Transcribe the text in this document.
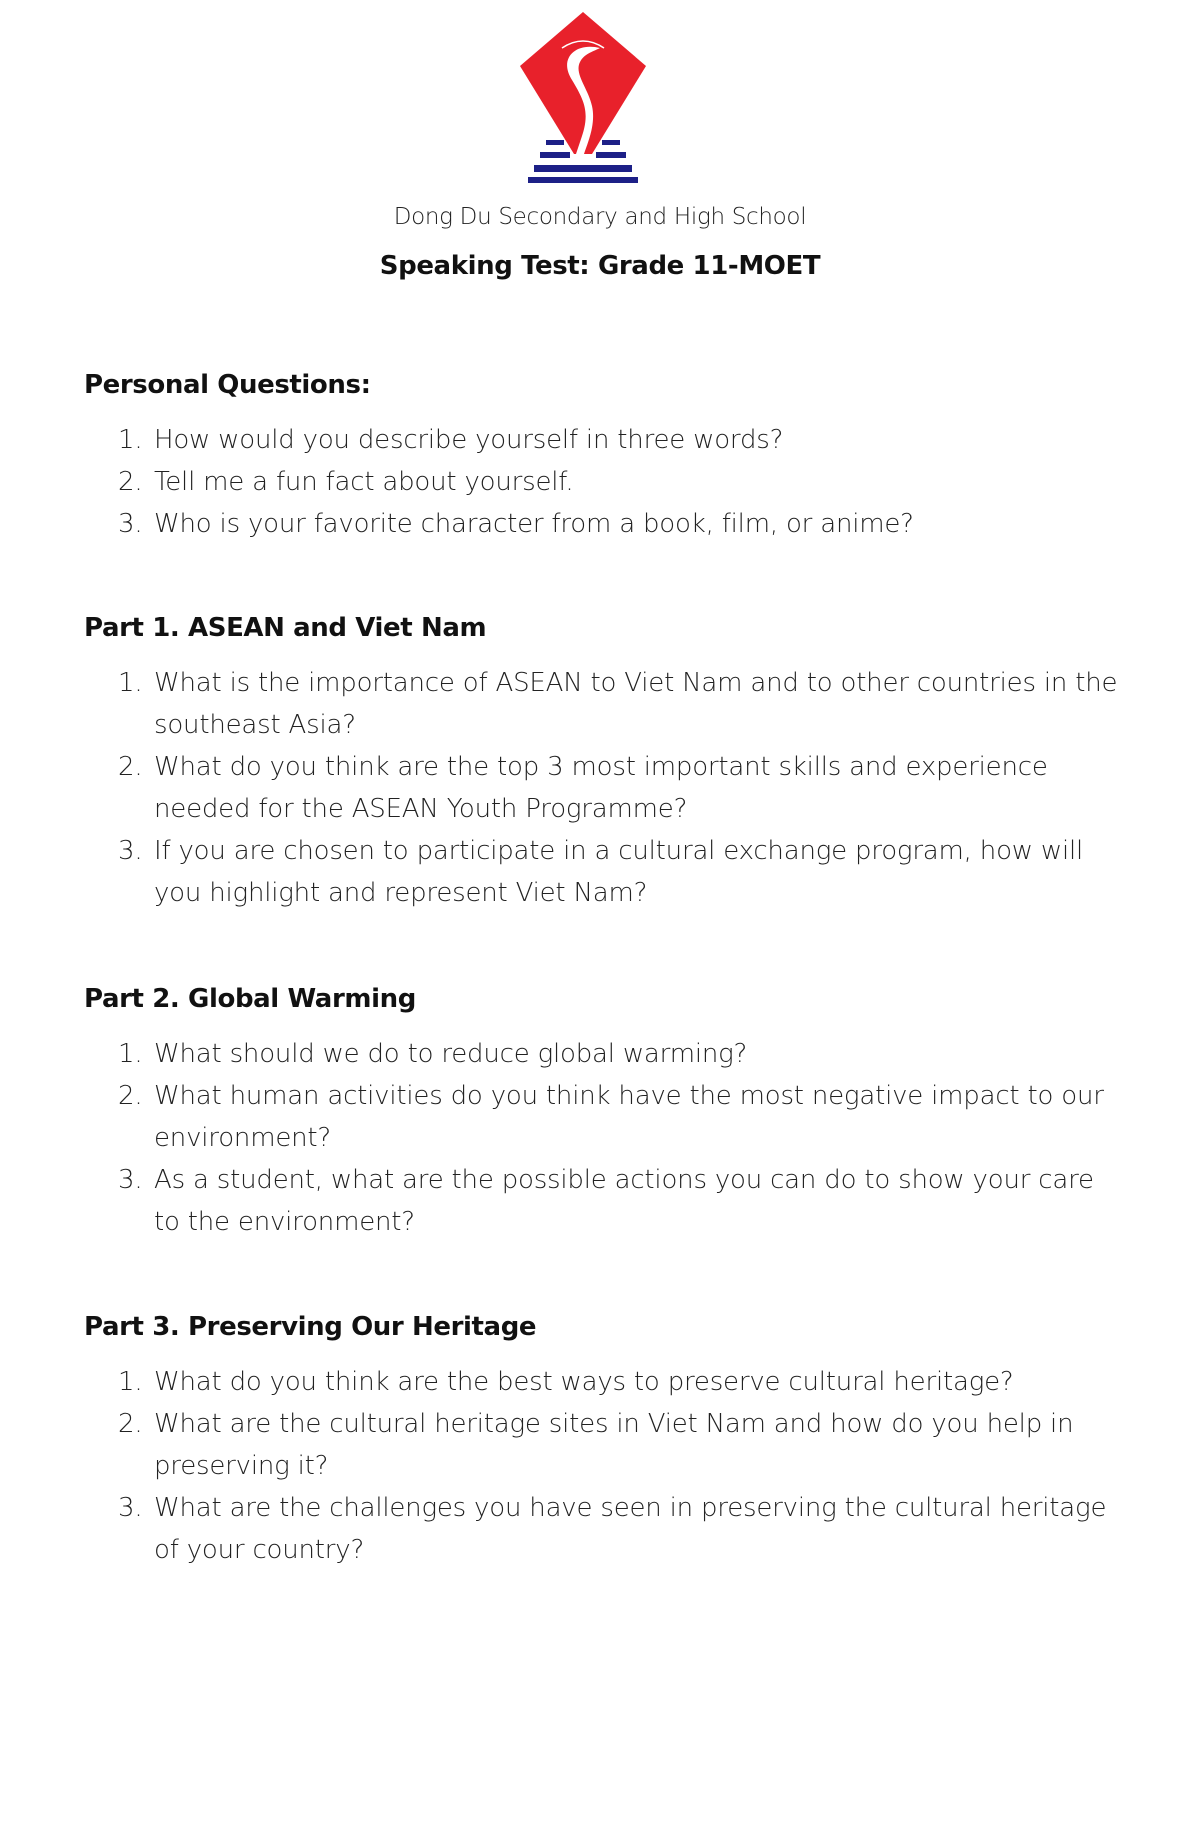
Dong Du Secondary and High School
Speaking Test: Grade 11-MOET
Personal Questions:
1. How would you describe yourself in three words?
2. Tell me a fun fact about yourself.
3. Who is your favorite character from a book, film, or anime?
Part 1. ASEAN and Viet Nam
1. What is the importance of ASEAN to Viet Nam and to other countries in the southeast Asia?
2. What do you think are the top 3 most important skills and experience needed for the ASEAN Youth Programme?
3. If you are chosen to participate in a cultural exchange program, how will you highlight and represent Viet Nam?
Part 2. Global Warming
1. What should we do to reduce global warming?
2. What human activities do you think have the most negative impact to our environment?
3. As a student, what are the possible actions you can do to show your care to the environment?
Part 3. Preserving Our Heritage
1. What do you think are the best ways to preserve cultural heritage?
2. What are the cultural heritage sites in Viet Nam and how do you help in preserving it?
3. What are the challenges you have seen in preserving the cultural heritage of your country?
